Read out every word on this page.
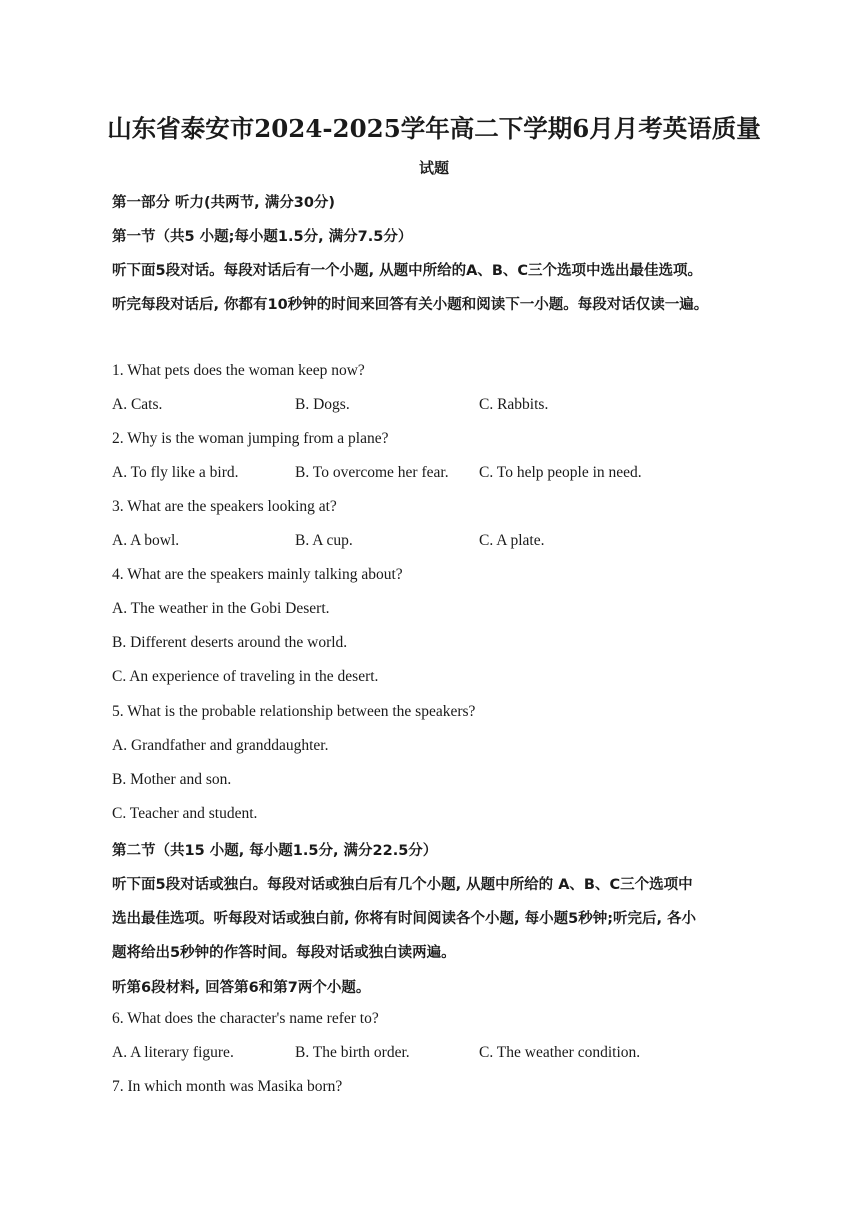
山东省泰安市2024-2025学年高二下学期6月月考英语质量
试题
第一部分 听力(共两节, 满分30分)
第一节（共5 小题;每小题1.5分, 满分7.5分）
听下面5段对话。每段对话后有一个小题, 从题中所给的A、B、C三个选项中选出最佳选项。
听完每段对话后, 你都有10秒钟的时间来回答有关小题和阅读下一小题。每段对话仅读一遍。
1. What pets does the woman keep now?
A. Cats.	B. Dogs.	C. Rabbits.
2. Why is the woman jumping from a plane?
A. To fly like a bird.	B. To overcome her fear. C. To help people in need.
3. What are the speakers looking at?
A. A bowl.	B. A cup.	C. A plate.
4. What are the speakers mainly talking about?
A. The weather in the Gobi Desert.
B. Different deserts around the world.
C. An experience of traveling in the desert.
5. What is the probable relationship between the speakers?
A. Grandfather and granddaughter.
B. Mother and son.
C. Teacher and student.
第二节（共15 小题, 每小题1.5分, 满分22.5分）
听下面5段对话或独白。每段对话或独白后有几个小题, 从题中所给的 A、B、C三个选项中
选出最佳选项。听每段对话或独白前, 你将有时间阅读各个小题, 每小题5秒钟;听完后, 各小
题将给出5秒钟的作答时间。每段对话或独白读两遍。
听第6段材料, 回答第6和第7两个小题。
6. What does the character's name refer to?
A. A literary figure.	B. The birth order.	C. The weather condition.
7. In which month was Masika born?
